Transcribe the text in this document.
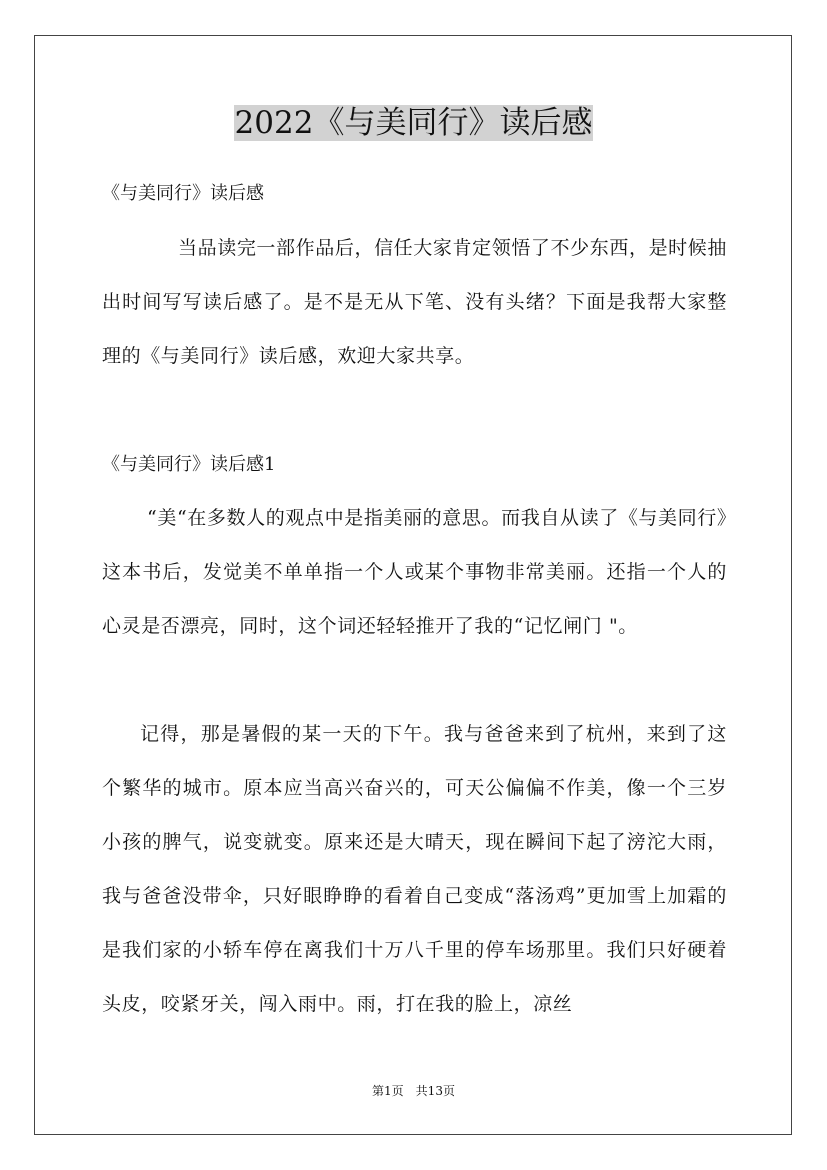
2022《与美同行》读后感
《与美同行》读后感
当品读完一部作品后，信任大家肯定领悟了不少东西，是时候抽出时间写写读后感了。是不是无从下笔、没有头绪？下面是我帮大家整理的《与美同行》读后感，欢迎大家共享。
《与美同行》读后感1
“美“在多数人的观点中是指美丽的意思。而我自从读了《与美同行》这本书后，发觉美不单单指一个人或某个事物非常美丽。还指一个人的心灵是否漂亮，同时，这个词还轻轻推开了我的“记忆闸门 "。
记得，那是暑假的某一天的下午。我与爸爸来到了杭州，来到了这个繁华的城市。原本应当高兴奋兴的，可天公偏偏不作美，像一个三岁小孩的脾气，说变就变。原来还是大晴天，现在瞬间下起了滂沱大雨，我与爸爸没带伞，只好眼睁睁的看着自己变成“落汤鸡”更加雪上加霜的是我们家的小轿车停在离我们十万八千里的停车场那里。我们只好硬着头皮，咬紧牙关，闯入雨中。雨，打在我的脸上，凉丝
第1页　共13页
